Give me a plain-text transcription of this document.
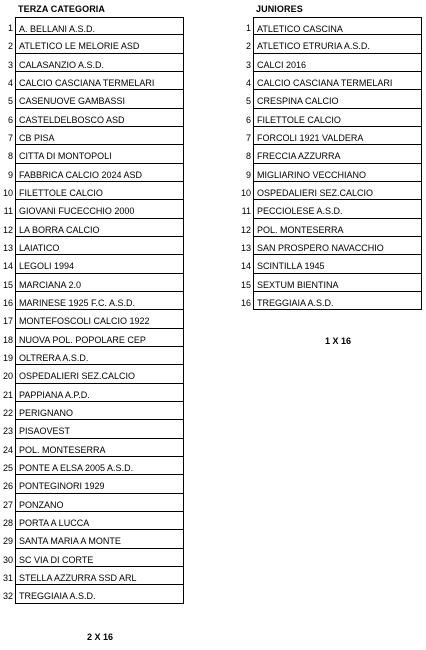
TERZA CATEGORIA
1 A. BELLANI A.S.D.
2 ATLETICO LE MELORIE ASD
3 CALASANZIO A.S.D.
4 CALCIO CASCIANA TERMELARI
5 CASENUOVE GAMBASSI
6 CASTELDELBOSCO ASD
7 CB PISA
8 CITTA DI MONTOPOLI
9 FABBRICA CALCIO 2024 ASD
10 FILETTOLE CALCIO
11 GIOVANI FUCECCHIO 2000
12 LA BORRA CALCIO
13 LAIATICO
14 LEGOLI 1994
15 MARCIANA 2.0
16 MARINESE 1925 F.C. A.S.D.
17 MONTEFOSCOLI CALCIO 1922
18 NUOVA POL. POPOLARE CEP
19 OLTRERA A.S.D.
20 OSPEDALIERI SEZ.CALCIO
21 PAPPIANA A.P.D.
22 PERIGNANO
23 PISAOVEST
24 POL. MONTESERRA
25 PONTE A ELSA 2005 A.S.D.
26 PONTEGINORI 1929
27 PONZANO
28 PORTA A LUCCA
29 SANTA MARIA A MONTE
30 SC VIA DI CORTE
31 STELLA AZZURRA SSD ARL
32 TREGGIAIA A.S.D.
JUNIORES
1 ATLETICO CASCINA
2 ATLETICO ETRURIA A.S.D.
3 CALCI 2016
4 CALCIO CASCIANA TERMELARI
5 CRESPINA CALCIO
6 FILETTOLE CALCIO
7 FORCOLI 1921 VALDERA
8 FRECCIA AZZURRA
9 MIGLIARINO VECCHIANO
10 OSPEDALIERI SEZ.CALCIO
11 PECCIOLESE A.S.D.
12 POL. MONTESERRA
13 SAN PROSPERO NAVACCHIO
14 SCINTILLA 1945
15 SEXTUM BIENTINA
16 TREGGIAIA A.S.D.
2 X 16
1 X 16
